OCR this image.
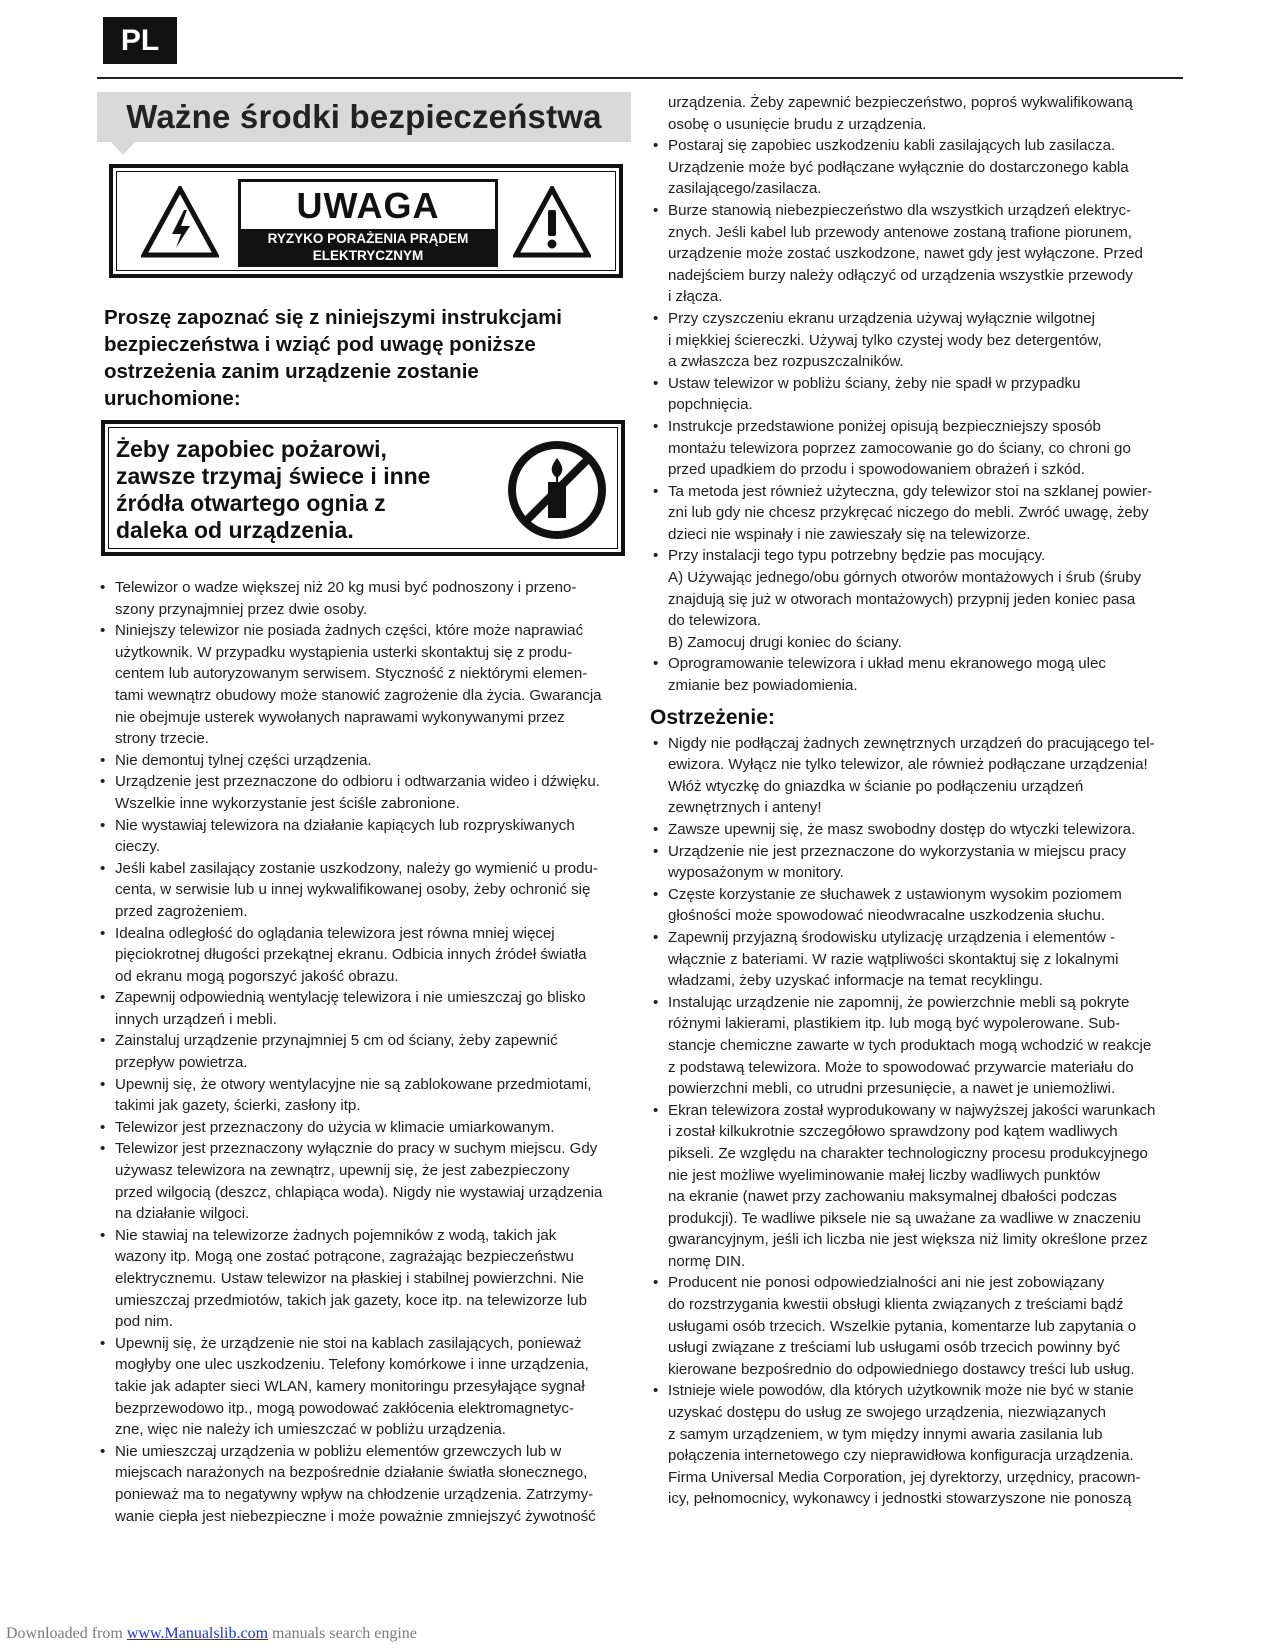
PL
Ważne środki bezpieczeństwa
UWAGA
RYZYKO PORAŻENIA PRĄDEM
ELEKTRYCZNYM
Proszę zapoznać się z niniejszymi instrukcjami
bezpieczeństwa i wziąć pod uwagę poniższe
ostrzeżenia zanim urządzenie zostanie
uruchomione:
Żeby zapobiec pożarowi,
zawsze trzymaj świece i inne
źródła otwartego ognia z
daleka od urządzenia.
• Telewizor o wadze większej niż 20 kg musi być podnoszony i przeno-
szony przynajmniej przez dwie osoby.
• Niniejszy telewizor nie posiada żadnych części, które może naprawiać
użytkownik. W przypadku wystąpienia usterki skontaktuj się z produ-
centem lub autoryzowanym serwisem. Styczność z niektórymi elemen-
tami wewnątrz obudowy może stanowić zagrożenie dla życia. Gwarancja
nie obejmuje usterek wywołanych naprawami wykonywanymi przez
strony trzecie.
• Nie demontuj tylnej części urządzenia.
• Urządzenie jest przeznaczone do odbioru i odtwarzania wideo i dźwięku.
Wszelkie inne wykorzystanie jest ściśle zabronione.
• Nie wystawiaj telewizora na działanie kapiących lub rozpryskiwanych
cieczy.
• Jeśli kabel zasilający zostanie uszkodzony, należy go wymienić u produ-
centa, w serwisie lub u innej wykwalifikowanej osoby, żeby ochronić się
przed zagrożeniem.
• Idealna odległość do oglądania telewizora jest równa mniej więcej
pięciokrotnej długości przekątnej ekranu. Odbicia innych źródeł światła
od ekranu mogą pogorszyć jakość obrazu.
• Zapewnij odpowiednią wentylację telewizora i nie umieszczaj go blisko
innych urządzeń i mebli.
• Zainstaluj urządzenie przynajmniej 5 cm od ściany, żeby zapewnić
przepływ powietrza.
• Upewnij się, że otwory wentylacyjne nie są zablokowane przedmiotami,
takimi jak gazety, ścierki, zasłony itp.
• Telewizor jest przeznaczony do użycia w klimacie umiarkowanym.
• Telewizor jest przeznaczony wyłącznie do pracy w suchym miejscu. Gdy
używasz telewizora na zewnątrz, upewnij się, że jest zabezpieczony
przed wilgocią (deszcz, chlapiąca woda). Nigdy nie wystawiaj urządzenia
na działanie wilgoci.
• Nie stawiaj na telewizorze żadnych pojemników z wodą, takich jak
wazony itp. Mogą one zostać potrącone, zagrażając bezpieczeństwu
elektrycznemu. Ustaw telewizor na płaskiej i stabilnej powierzchni. Nie
umieszczaj przedmiotów, takich jak gazety, koce itp. na telewizorze lub
pod nim.
• Upewnij się, że urządzenie nie stoi na kablach zasilających, ponieważ
mogłyby one ulec uszkodzeniu. Telefony komórkowe i inne urządzenia,
takie jak adapter sieci WLAN, kamery monitoringu przesyłające sygnał
bezprzewodowo itp., mogą powodować zakłócenia elektromagnetyc-
zne, więc nie należy ich umieszczać w pobliżu urządzenia.
• Nie umieszczaj urządzenia w pobliżu elementów grzewczych lub w
miejscach narażonych na bezpośrednie działanie światła słonecznego,
ponieważ ma to negatywny wpływ na chłodzenie urządzenia. Zatrzymy-
wanie ciepła jest niebezpieczne i może poważnie zmniejszyć żywotność
urządzenia. Żeby zapewnić bezpieczeństwo, poproś wykwalifikowaną
osobę o usunięcie brudu z urządzenia.
• Postaraj się zapobiec uszkodzeniu kabli zasilających lub zasilacza.
Urządzenie może być podłączane wyłącznie do dostarczonego kabla
zasilającego/zasilacza.
• Burze stanowią niebezpieczeństwo dla wszystkich urządzeń elektryc-
znych. Jeśli kabel lub przewody antenowe zostaną trafione piorunem,
urządzenie może zostać uszkodzone, nawet gdy jest wyłączone. Przed
nadejściem burzy należy odłączyć od urządzenia wszystkie przewody
i złącza.
• Przy czyszczeniu ekranu urządzenia używaj wyłącznie wilgotnej
i miękkiej ściereczki. Używaj tylko czystej wody bez detergentów,
a zwłaszcza bez rozpuszczalników.
• Ustaw telewizor w pobliżu ściany, żeby nie spadł w przypadku
popchnięcia.
• Instrukcje przedstawione poniżej opisują bezpieczniejszy sposób
montażu telewizora poprzez zamocowanie go do ściany, co chroni go
przed upadkiem do przodu i spowodowaniem obrażeń i szkód.
• Ta metoda jest również użyteczna, gdy telewizor stoi na szklanej powier-
zni lub gdy nie chcesz przykręcać niczego do mebli. Zwróć uwagę, żeby
dzieci nie wspinały i nie zawieszały się na telewizorze.
• Przy instalacji tego typu potrzebny będzie pas mocujący.
A) Używając jednego/obu górnych otworów montażowych i śrub (śruby
znajdują się już w otworach montażowych) przypnij jeden koniec pasa
do telewizora.
B) Zamocuj drugi koniec do ściany.
• Oprogramowanie telewizora i układ menu ekranowego mogą ulec
zmianie bez powiadomienia.
Ostrzeżenie:
• Nigdy nie podłączaj żadnych zewnętrznych urządzeń do pracującego tel-
ewizora. Wyłącz nie tylko telewizor, ale również podłączane urządzenia!
Włóż wtyczkę do gniazdka w ścianie po podłączeniu urządzeń
zewnętrznych i anteny!
• Zawsze upewnij się, że masz swobodny dostęp do wtyczki telewizora.
• Urządzenie nie jest przeznaczone do wykorzystania w miejscu pracy
wyposażonym w monitory.
• Częste korzystanie ze słuchawek z ustawionym wysokim poziomem
głośności może spowodować nieodwracalne uszkodzenia słuchu.
• Zapewnij przyjazną środowisku utylizację urządzenia i elementów -
włącznie z bateriami. W razie wątpliwości skontaktuj się z lokalnymi
władzami, żeby uzyskać informacje na temat recyklingu.
• Instalując urządzenie nie zapomnij, że powierzchnie mebli są pokryte
różnymi lakierami, plastikiem itp. lub mogą być wypolerowane. Sub-
stancje chemiczne zawarte w tych produktach mogą wchodzić w reakcje
z podstawą telewizora. Może to spowodować przywarcie materiału do
powierzchni mebli, co utrudni przesunięcie, a nawet je uniemożliwi.
• Ekran telewizora został wyprodukowany w najwyższej jakości warunkach
i został kilkukrotnie szczegółowo sprawdzony pod kątem wadliwych
pikseli. Ze względu na charakter technologiczny procesu produkcyjnego
nie jest możliwe wyeliminowanie małej liczby wadliwych punktów
na ekranie (nawet przy zachowaniu maksymalnej dbałości podczas
produkcji). Te wadliwe piksele nie są uważane za wadliwe w znaczeniu
gwarancyjnym, jeśli ich liczba nie jest większa niż limity określone przez
normę DIN.
• Producent nie ponosi odpowiedzialności ani nie jest zobowiązany
do rozstrzygania kwestii obsługi klienta związanych z treściami bądź
usługami osób trzecich. Wszelkie pytania, komentarze lub zapytania o
usługi związane z treściami lub usługami osób trzecich powinny być
kierowane bezpośrednio do odpowiedniego dostawcy treści lub usług.
• Istnieje wiele powodów, dla których użytkownik może nie być w stanie
uzyskać dostępu do usług ze swojego urządzenia, niezwiązanych
z samym urządzeniem, w tym między innymi awaria zasilania lub
połączenia internetowego czy nieprawidłowa konfiguracja urządzenia.
Firma Universal Media Corporation, jej dyrektorzy, urzędnicy, pracown-
icy, pełnomocnicy, wykonawcy i jednostki stowarzyszone nie ponoszą
Downloaded from www.Manualslib.com manuals search engine
